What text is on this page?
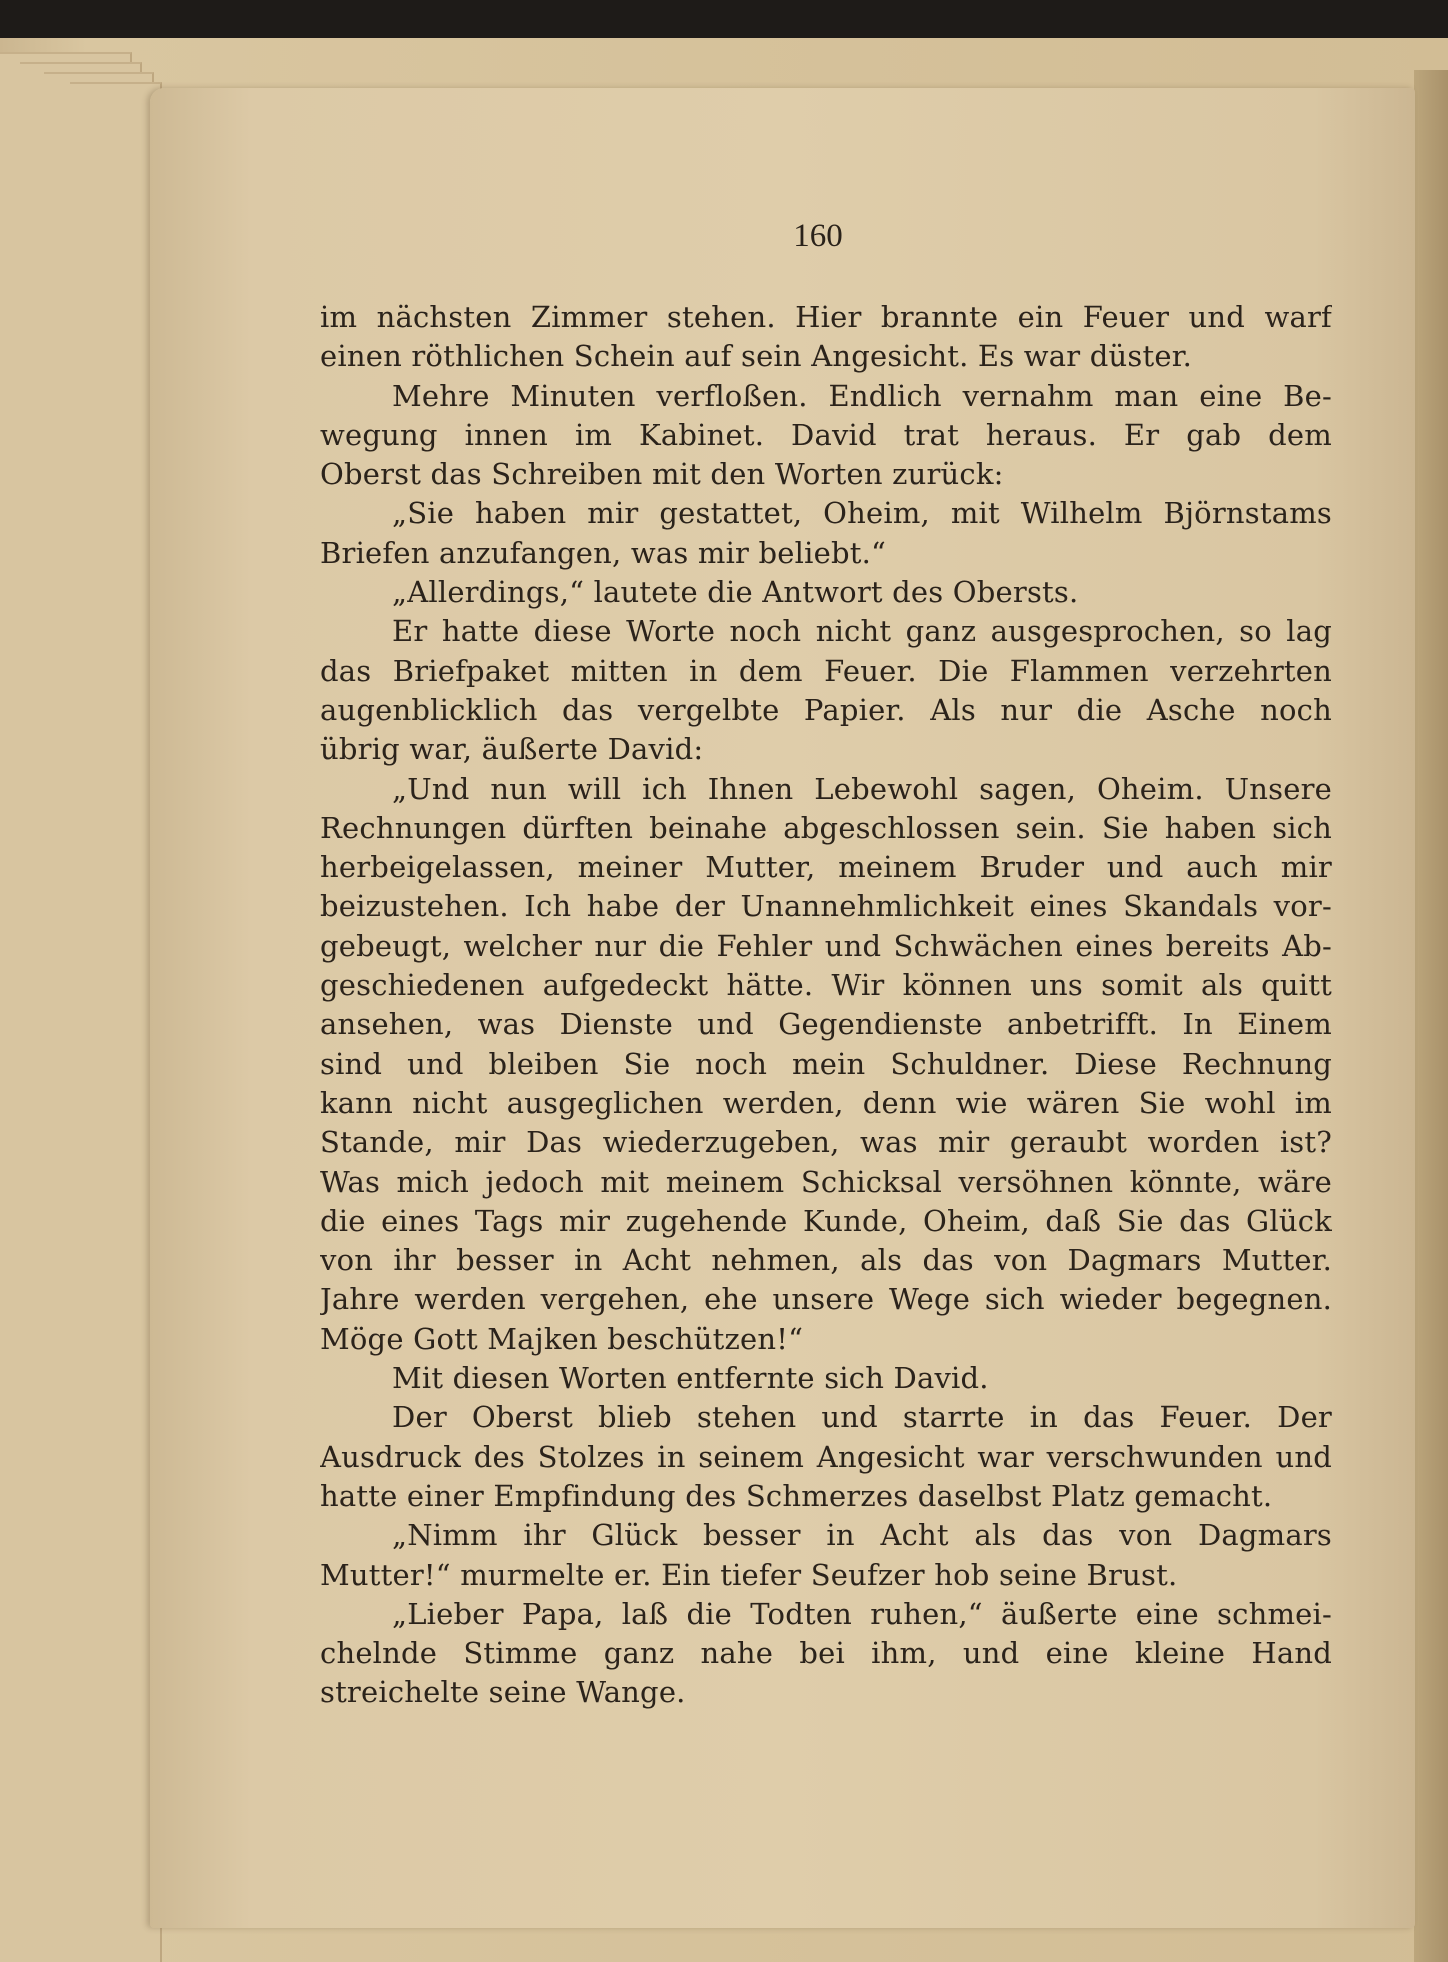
160
im nächsten Zimmer stehen. Hier brannte ein Feuer und warf
einen röthlichen Schein auf sein Angesicht. Es war düster.
Mehre Minuten verfloßen. Endlich vernahm man eine Be-
wegung innen im Kabinet. David trat heraus. Er gab dem
Oberst das Schreiben mit den Worten zurück:
„Sie haben mir gestattet, Oheim, mit Wilhelm Björnstams
Briefen anzufangen, was mir beliebt.“
„Allerdings,“ lautete die Antwort des Obersts.
Er hatte diese Worte noch nicht ganz ausgesprochen, so lag
das Briefpaket mitten in dem Feuer. Die Flammen verzehrten
augenblicklich das vergelbte Papier. Als nur die Asche noch
übrig war, äußerte David:
„Und nun will ich Ihnen Lebewohl sagen, Oheim. Unsere
Rechnungen dürften beinahe abgeschlossen sein. Sie haben sich
herbeigelassen, meiner Mutter, meinem Bruder und auch mir
beizustehen. Ich habe der Unannehmlichkeit eines Skandals vor-
gebeugt, welcher nur die Fehler und Schwächen eines bereits Ab-
geschiedenen aufgedeckt hätte. Wir können uns somit als quitt
ansehen, was Dienste und Gegendienste anbetrifft. In Einem
sind und bleiben Sie noch mein Schuldner. Diese Rechnung
kann nicht ausgeglichen werden, denn wie wären Sie wohl im
Stande, mir Das wiederzugeben, was mir geraubt worden ist?
Was mich jedoch mit meinem Schicksal versöhnen könnte, wäre
die eines Tags mir zugehende Kunde, Oheim, daß Sie das Glück
von ihr besser in Acht nehmen, als das von Dagmars Mutter.
Jahre werden vergehen, ehe unsere Wege sich wieder begegnen.
Möge Gott Majken beschützen!“
Mit diesen Worten entfernte sich David.
Der Oberst blieb stehen und starrte in das Feuer. Der
Ausdruck des Stolzes in seinem Angesicht war verschwunden und
hatte einer Empfindung des Schmerzes daselbst Platz gemacht.
„Nimm ihr Glück besser in Acht als das von Dagmars
Mutter!“ murmelte er. Ein tiefer Seufzer hob seine Brust.
„Lieber Papa, laß die Todten ruhen,“ äußerte eine schmei-
chelnde Stimme ganz nahe bei ihm, und eine kleine Hand
streichelte seine Wange.
